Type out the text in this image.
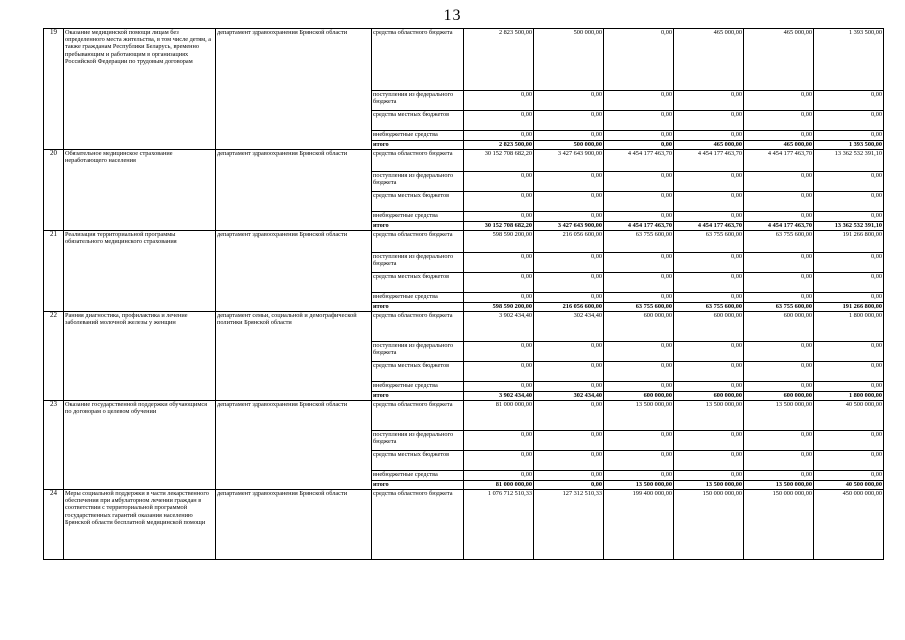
13
19	Оказание медицинской помощи лицам без определенного места жительства, в том числе детям, а также гражданам Республики Беларусь, временно пребывающим и работающим в организациях Российской Федерации по трудовым договорам	департамент здравоохранения Брянской области	средства областного бюджета	2 823 500,00	500 000,00	0,00	465 000,00	465 000,00	1 393 500,00
			поступления из федерального бюджета	0,00	0,00	0,00	0,00	0,00	0,00
			средства местных бюджетов	0,00	0,00	0,00	0,00	0,00	0,00
			внебюджетные средства	0,00	0,00	0,00	0,00	0,00	0,00
			итого	2 823 500,00	500 000,00	0,00	465 000,00	465 000,00	1 393 500,00
20	Обязательное медицинское страхование неработающего населения	департамент здравоохранения Брянской области	средства областного бюджета	30 152 708 682,20	3 427 643 900,00	4 454 177 463,70	4 454 177 463,70	4 454 177 463,70	13 362 532 391,10
			поступления из федерального бюджета	0,00	0,00	0,00	0,00	0,00	0,00
			средства местных бюджетов	0,00	0,00	0,00	0,00	0,00	0,00
			внебюджетные средства	0,00	0,00	0,00	0,00	0,00	0,00
			итого	30 152 708 682,20	3 427 643 900,00	4 454 177 463,70	4 454 177 463,70	4 454 177 463,70	13 362 532 391,10
21	Реализация территориальной программы обязательного медицинского страхования	департамент здравоохранения Брянской области	средства областного бюджета	598 590 200,00	216 056 600,00	63 755 600,00	63 755 600,00	63 755 600,00	191 266 800,00
			поступления из федерального бюджета	0,00	0,00	0,00	0,00	0,00	0,00
			средства местных бюджетов	0,00	0,00	0,00	0,00	0,00	0,00
			внебюджетные средства	0,00	0,00	0,00	0,00	0,00	0,00
			итого	598 590 200,00	216 056 600,00	63 755 600,00	63 755 600,00	63 755 600,00	191 266 800,00
22	Ранняя диагностика, профилактика и лечение заболеваний молочной железы у женщин	департамент семьи, социальной и демографической политики Брянской области	средства областного бюджета	3 902 434,40	302 434,40	600 000,00	600 000,00	600 000,00	1 800 000,00
			поступления из федерального бюджета	0,00	0,00	0,00	0,00	0,00	0,00
			средства местных бюджетов	0,00	0,00	0,00	0,00	0,00	0,00
			внебюджетные средства	0,00	0,00	0,00	0,00	0,00	0,00
			итого	3 902 434,40	302 434,40	600 000,00	600 000,00	600 000,00	1 800 000,00
23	Оказание государственной поддержки обучающимся по договорам о целевом обучении	департамент здравоохранения Брянской области	средства областного бюджета	81 000 000,00	0,00	13 500 000,00	13 500 000,00	13 500 000,00	40 500 000,00
			поступления из федерального бюджета	0,00	0,00	0,00	0,00	0,00	0,00
			средства местных бюджетов	0,00	0,00	0,00	0,00	0,00	0,00
			внебюджетные средства	0,00	0,00	0,00	0,00	0,00	0,00
			итого	81 000 000,00	0,00	13 500 000,00	13 500 000,00	13 500 000,00	40 500 000,00
24	Меры социальной поддержки в части лекарственного обеспечения при амбулаторном лечении граждан в соответствии с территориальной программой государственных гарантий оказания населению Брянской области бесплатной медицинской помощи	департамент здравоохранения Брянской области	средства областного бюджета	1 076 712 510,33	127 312 510,33	199 400 000,00	150 000 000,00	150 000 000,00	450 000 000,00
